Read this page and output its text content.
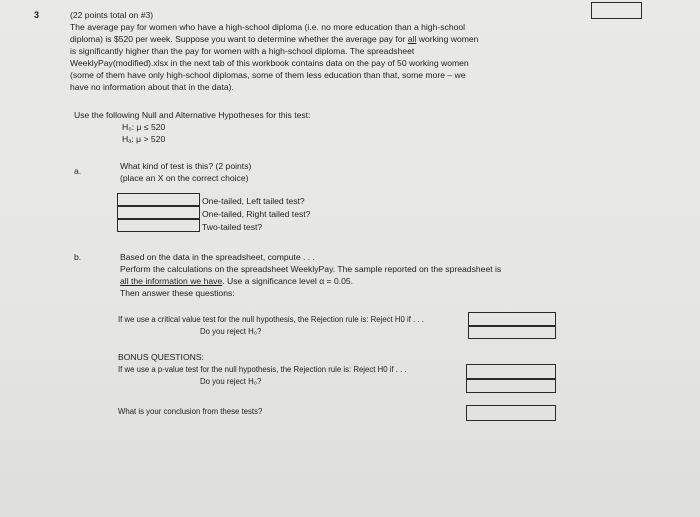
3	(22 points total on #3)
The average pay for women who have a high-school diploma (i.e. no more education than a high-school
diploma) is $520 per week. Suppose you want to determine whether the average pay for all working women
is significantly higher than the pay for women with a high-school diploma. The spreadsheet
WeeklyPay(modified).xlsx in the next tab of this workbook contains data on the pay of 50 working women
(some of them have only high-school diplomas, some of them less education than that, some more – we
have no information about that in the data).
Use the following Null and Alternative Hypotheses for this test:
H₀: μ ≤ 520
Hₐ: μ > 520
a.	What kind of test is this? (2 points)
(place an X on the correct choice)
One-tailed, Left tailed test?
One-tailed, Right tailed test?
Two-tailed test?
b.	Based on the data in the spreadsheet, compute . . .
Perform the calculations on the spreadsheet WeeklyPay. The sample reported on the spreadsheet is
all the information we have. Use a significance level α = 0.05.
Then answer these questions:
If we use a critical value test for the null hypothesis, the Rejection rule is: Reject H0 if . . .
Do you reject H₀?
BONUS QUESTIONS:
If we use a p-value test for the null hypothesis, the Rejection rule is: Reject H0 if . . .
Do you reject H₀?
What is your conclusion from these tests?
